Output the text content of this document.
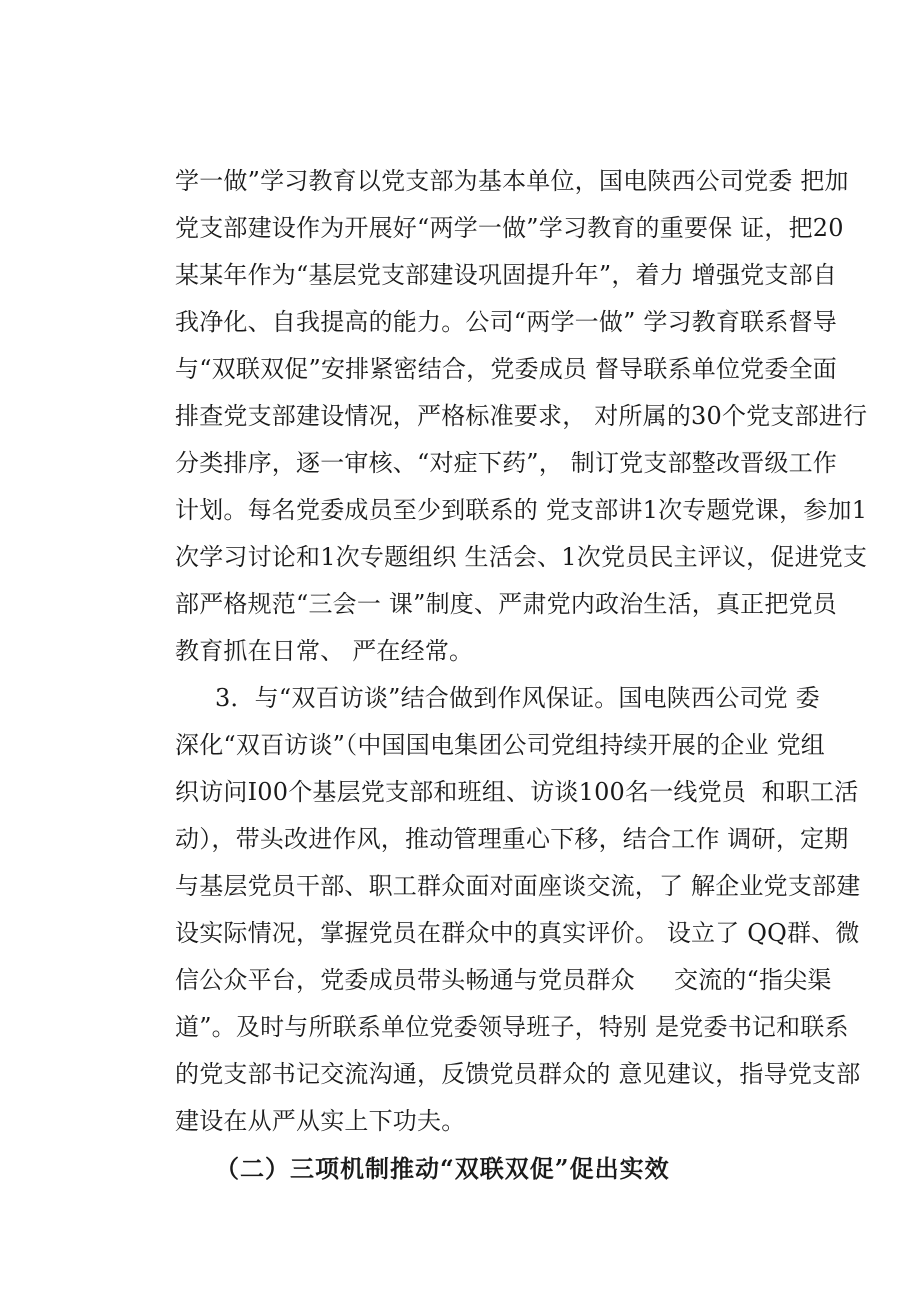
学一做”学习教育以党支部为基本单位，国电陕西公司党委 把加
党支部建设作为开展好“两学一做”学习教育的重要保 证，把20
某某年作为“基层党支部建设巩固提升年”，着力 增强党支部自
我净化、自我提高的能力。公司“两学一做” 学习教育联系督导
与“双联双促”安排紧密结合，党委成员 督导联系单位党委全面
排查党支部建设情况，严格标准要求， 对所属的30个党支部进行
分类排序，逐一审核、“对症下药”， 制订党支部整改晋级工作
计划。每名党委成员至少到联系的 党支部讲1次专题党课，参加1
次学习讨论和1次专题组织 生活会、1次党员民主评议，促进党支
部严格规范“三会一 课”制度、严肃党内政治生活，真正把党员
教育抓在日常、 严在经常。
3．与“双百访谈”结合做到作风保证。国电陕西公司党 委
深化“双百访谈”（中国国电集团公司党组持续开展的企业 党组
织访问I00个基层党支部和班组、访谈100名一线党员  和职工活
动），带头改进作风，推动管理重心下移，结合工作 调研，定期
与基层党员干部、职工群众面对面座谈交流，了 解企业党支部建
设实际情况，掌握党员在群众中的真实评价。 设立了 QQ群、微
信公众平台，党委成员带头畅通与党员群众     交流的“指尖渠
道”。及时与所联系单位党委领导班子，特别 是党委书记和联系
的党支部书记交流沟通，反馈党员群众的 意见建议，指导党支部
建设在从严从实上下功夫。
（二）三项机制推动“双联双促”促出实效
